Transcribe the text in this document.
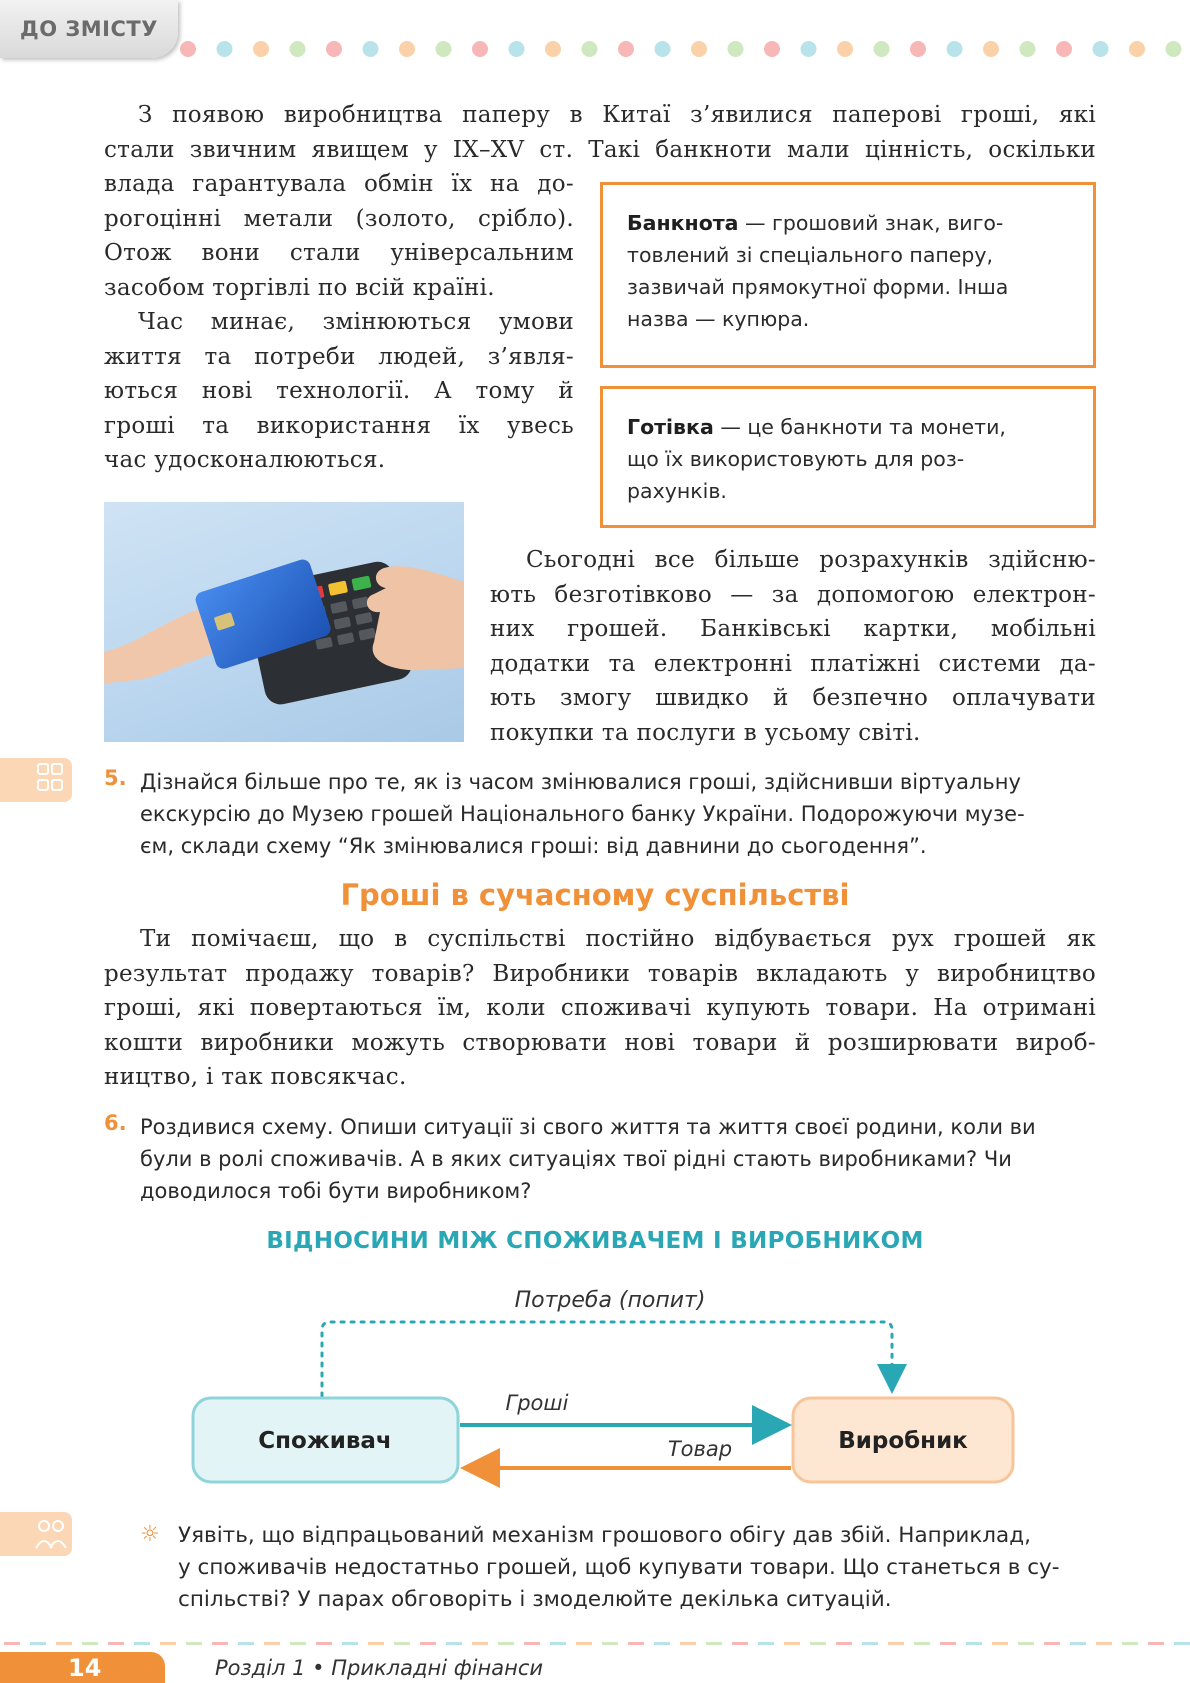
ДО ЗМІСТУ
З появою виробництва паперу в Китаї з’явилися паперові гроші, які
стали звичним явищем у IX–XV ст. Такі банкноти мали цінність, оскільки
влада гарантувала обмін їх на до-
рогоцінні метали (золото, срібло).
Отож вони стали універсальним
засобом торгівлі по всій країні.
Час минає, змінюються умови
життя та потреби людей, з’явля-
ються нові технології. А тому й
гроші та використання їх увесь
час удосконалюються.
Банкнота — грошовий знак, виго-
товлений зі спеціального паперу,
зазвичай прямокутної форми. Інша
назва — купюра.
Готівка — це банкноти та монети,
що їх використовують для роз-
рахунків.
Сьогодні все більше розрахунків здійсню-
ють безготівково — за допомогою електрон-
них грошей. Банківські картки, мобільні
додатки та електронні платіжні системи да-
ють змогу швидко й безпечно оплачувати
покупки та послуги в усьому світі.
5. Дізнайся більше про те, як із часом змінювалися гроші, здійснивши віртуальну
екскурсію до Музею грошей Національного банку України. Подорожуючи музе-
єм, склади схему “Як змінювалися гроші: від давнини до сьогодення”.
Гроші в сучасному суспільстві
Ти помічаєш, що в суспільстві постійно відбувається рух грошей як
результат продажу товарів? Виробники товарів вкладають у виробництво
гроші, які повертаються їм, коли споживачі купують товари. На отримані
кошти виробники можуть створювати нові товари й розширювати вироб-
ництво, і так повсякчас.
6. Роздивися схему. Опиши ситуації зі свого життя та життя своєї родини, коли ви
були в ролі споживачів. А в яких ситуаціях твої рідні стають виробниками? Чи
доводилося тобі бути виробником?
ВІДНОСИНИ МІЖ СПОЖИВАЧЕМ І ВИРОБНИКОМ
Потреба (попит)
Споживач	Виробник
Гроші
Товар
☼ Уявіть, що відпрацьований механізм грошового обігу дав збій. Наприклад,
у споживачів недостатньо грошей, щоб купувати товари. Що станеться в су-
спільстві? У парах обговоріть і змоделюйте декілька ситуацій.
14	Розділ 1 • Прикладні фінанси
